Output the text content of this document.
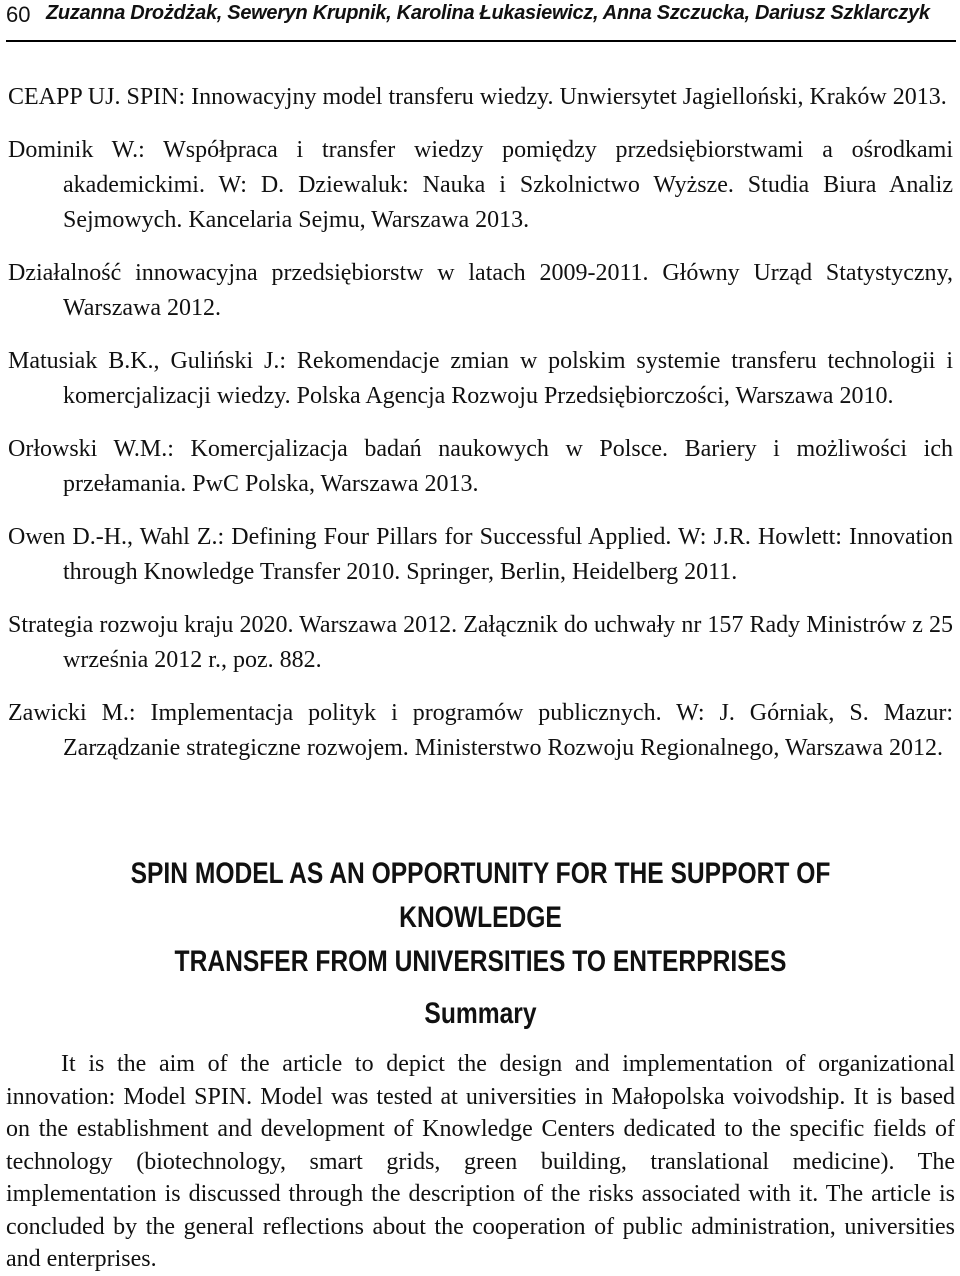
60 Zuzanna Drożdżak, Seweryn Krupnik, Karolina Łukasiewicz, Anna Szczucka, Dariusz Szklarczyk
CEAPP UJ. SPIN: Innowacyjny model transferu wiedzy. Unwiersytet Jagielloński, Kraków 2013.
Dominik W.: Współpraca i transfer wiedzy pomiędzy przedsiębiorstwami a ośrodkami akademickimi. W: D. Dziewaluk: Nauka i Szkolnictwo Wyższe. Studia Biura Analiz Sejmowych. Kancelaria Sejmu, Warszawa 2013.
Działalność innowacyjna przedsiębiorstw w latach 2009-2011. Główny Urząd Statystyczny, Warszawa 2012.
Matusiak B.K., Guliński J.: Rekomendacje zmian w polskim systemie transferu technologii i komercjalizacji wiedzy. Polska Agencja Rozwoju Przedsiębiorczości, Warszawa 2010.
Orłowski W.M.: Komercjalizacja badań naukowych w Polsce. Bariery i możliwości ich przełamania. PwC Polska, Warszawa 2013.
Owen D.-H., Wahl Z.: Defining Four Pillars for Successful Applied. W: J.R. Howlett: Innovation through Knowledge Transfer 2010. Springer, Berlin, Heidelberg 2011.
Strategia rozwoju kraju 2020. Warszawa 2012. Załącznik do uchwały nr 157 Rady Ministrów z 25 września 2012 r., poz. 882.
Zawicki M.: Implementacja polityk i programów publicznych. W: J. Górniak, S. Mazur: Zarządzanie strategiczne rozwojem. Ministerstwo Rozwoju Regionalnego, Warszawa 2012.
SPIN MODEL AS AN OPPORTUNITY FOR THE SUPPORT OF KNOWLEDGE
TRANSFER FROM UNIVERSITIES TO ENTERPRISES
Summary
It is the aim of the article to depict the design and implementation of organizational innovation: Model SPIN. Model was tested at universities in Małopolska voivodship. It is based on the establishment and development of Knowledge Centers dedicated to the specific fields of technology (biotechnology, smart grids, green building, translational medicine). The implementation is discussed through the description of the risks associated with it. The article is concluded by the general reflections about the cooperation of public administration, universities and enterprises.
